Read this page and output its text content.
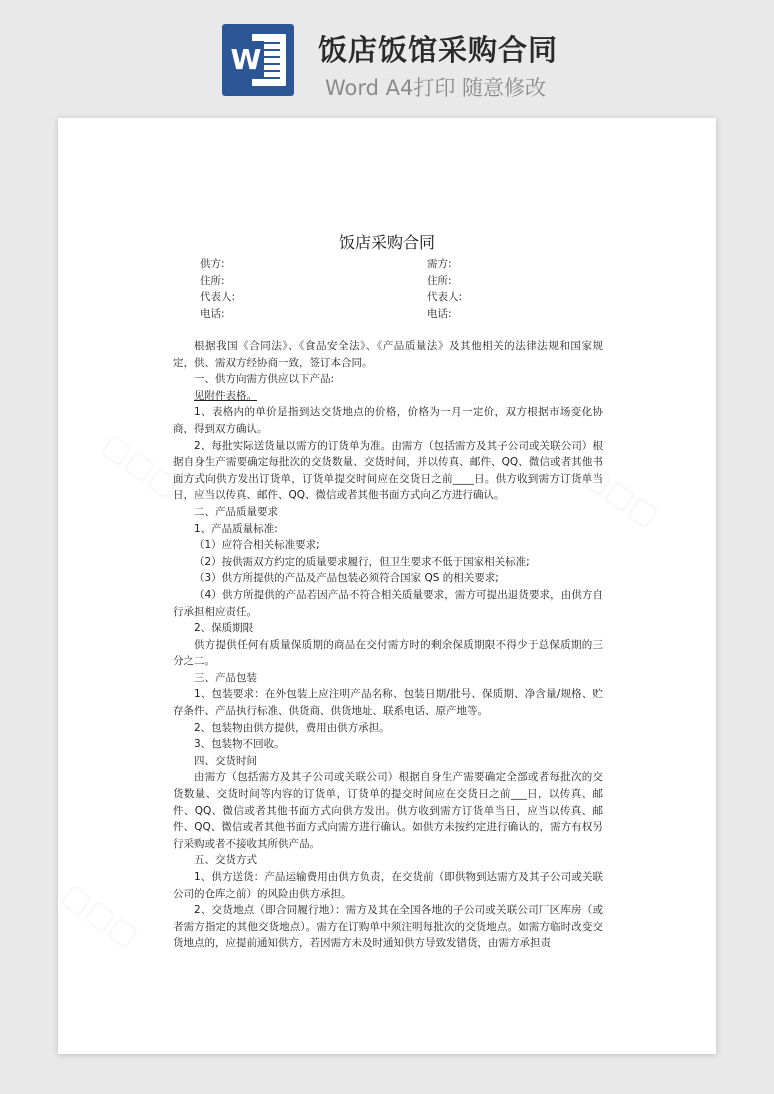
W 饭店饭馆采购合同
Word A4打印 随意修改
饭店采购合同
供方:
住所:
代表人:
电话:
需方:
住所:
代表人:
电话:

根据我国《合同法》、《食品安全法》、《产品质量法》及其他相关的法律法规和国家规定，供、需双方经协商一致，签订本合同。

一、供方向需方供应以下产品:

见附件表格。

1、表格内的单价是指到达交货地点的价格，价格为一月一定价，双方根据市场变化协商，得到双方确认。

2、每批实际送货量以需方的订货单为准。由需方（包括需方及其子公司或关联公司）根据自身生产需要确定每批次的交货数量、交货时间，并以传真、邮件、QQ、微信或者其他书面方式向供方发出订货单，订货单提交时间应在交货日之前____日。供方收到需方订货单当日，应当以传真、邮件、QQ、微信或者其他书面方式向乙方进行确认。

二、产品质量要求

1、产品质量标准:

（1）应符合相关标准要求;

（2）按供需双方约定的质量要求履行，但卫生要求不低于国家相关标准;

（3）供方所提供的产品及产品包装必须符合国家 QS 的相关要求;

（4）供方所提供的产品若因产品不符合相关质量要求，需方可提出退货要求，由供方自行承担相应责任。

2、保质期限

供方提供任何有质量保质期的商品在交付需方时的剩余保质期限不得少于总保质期的三分之二。

三、产品包装

1、包装要求：在外包装上应注明产品名称、包装日期/批号、保质期、净含量/规格、贮存条件、产品执行标准、供货商、供货地址、联系电话、原产地等。

2、包装物由供方提供，费用由供方承担。

3、包装物不回收。

四、交货时间

由需方（包括需方及其子公司或关联公司）根据自身生产需要确定全部或者每批次的交货数量、交货时间等内容的订货单，订货单的提交时间应在交货日之前___日，以传真、邮件、QQ、微信或者其他书面方式向供方发出。供方收到需方订货单当日，应当以传真、邮件、QQ、微信或者其他书面方式向需方进行确认。如供方未按约定进行确认的，需方有权另行采购或者不接收其所供产品。

五、交货方式

1、供方送货：产品运输费用由供方负责，在交货前（即供物到达需方及其子公司或关联公司的仓库之前）的风险由供方承担。

2、交货地点（即合同履行地）：需方及其在全国各地的子公司或关联公司厂区库房（或者需方指定的其他交货地点）。需方在订购单中须注明每批次的交货地点。如需方临时改变交货地点的，应提前通知供方，若因需方未及时通知供方导致发错货，由需方承担责
